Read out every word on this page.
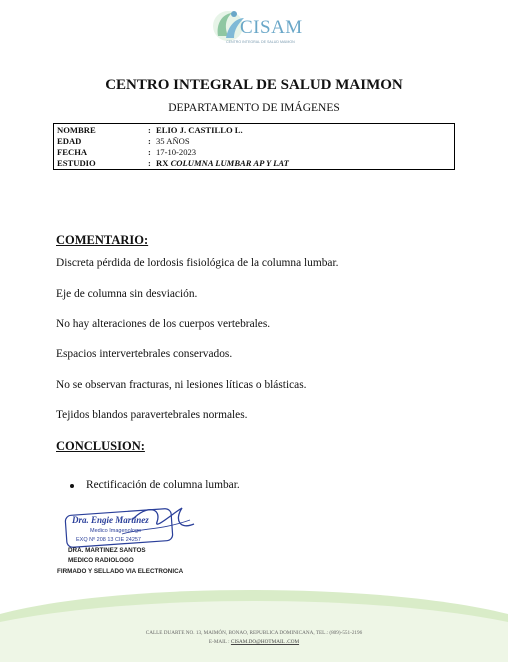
CISAM
CENTRO INTEGRAL DE SALUD MAIMON
CENTRO INTEGRAL DE SALUD MAIMON
DEPARTAMENTO DE IMÁGENES
NOMBRE	: ELIO J. CASTILLO L.
EDAD	: 35 AÑOS
FECHA	: 17-10-2023
ESTUDIO	: RX COLUMNA LUMBAR AP Y LAT
COMENTARIO:
Discreta pérdida de lordosis fisiológica de la columna lumbar.
Eje de columna sin desviación.
No hay alteraciones de los cuerpos vertebrales.
Espacios intervertebrales conservados.
No se observan fracturas, ni lesiones líticas o blásticas.
Tejidos blandos paravertebrales normales.
CONCLUSION:
Rectificación de columna lumbar.
Dra. Engie Martinez
Medico Imagenologo
EXQ Nº 208 13 CIE 24257
DRA. MARTINEZ SANTOS
MEDICO RADIOLOGO
FIRMADO Y SELLADO VIA ELECTRONICA
CALLE DUARTE NO. 13, MAIMÓN, BONAO, REPUBLICA DOMINICANA, TEL.: (809)-551-2196
E-MAIL : CISAM.DO@HOTMAIL .COM
